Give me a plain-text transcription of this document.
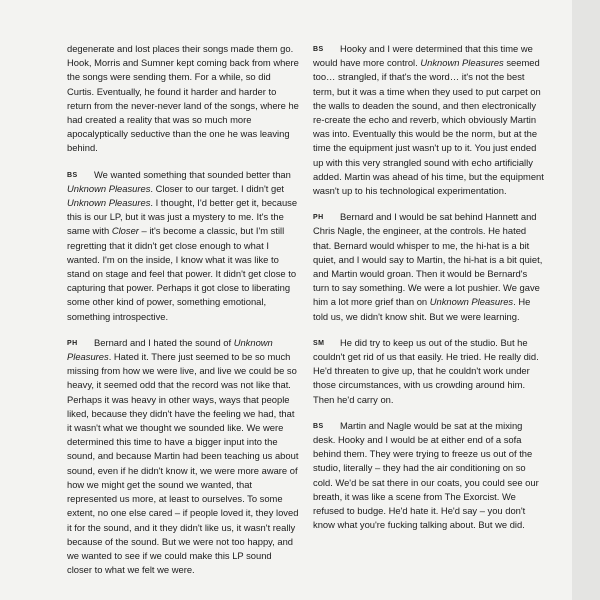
degenerate and lost places their songs made them go. Hook, Morris and Sumner kept coming back from where the songs were sending them. For a while, so did Curtis. Eventually, he found it harder and harder to return from the never-never land of the songs, where he had created a reality that was so much more apocalyptically seductive than the one he was leaving behind.
BS	We wanted something that sounded better than Unknown Pleasures. Closer to our target. I didn't get Unknown Pleasures. I thought, I'd better get it, because this is our LP, but it was just a mystery to me. It's the same with Closer – it's become a classic, but I'm still regretting that it didn't get close enough to what I wanted. I'm on the inside, I know what it was like to stand on stage and feel that power. It didn't get close to capturing that power. Perhaps it got close to liberating some other kind of power, something emotional, something introspective.
PH	Bernard and I hated the sound of Unknown Pleasures. Hated it. There just seemed to be so much missing from how we were live, and live we could be so heavy, it seemed odd that the record was not like that. Perhaps it was heavy in other ways, ways that people liked, because they didn't have the feeling we had, that it wasn't what we thought we sounded like. We were determined this time to have a bigger input into the sound, and because Martin had been teaching us about sound, even if he didn't know it, we were more aware of how we might get the sound we wanted, that represented us more, at least to ourselves. To some extent, no one else cared – if people loved it, they loved it for the sound, and it they didn't like us, it wasn't really because of the sound. But we were not too happy, and we wanted to see if we could make this LP sound closer to what we felt we were.
BS	Hooky and I were determined that this time we would have more control. Unknown Pleasures seemed too… strangled, if that's the word… it's not the best term, but it was a time when they used to put carpet on the walls to deaden the sound, and then electronically re-create the echo and reverb, which obviously Martin was into. Eventually this would be the norm, but at the time the equipment just wasn't up to it. You just ended up with this very strangled sound with echo artificially added. Martin was ahead of his time, but the equipment wasn't up to his technological experimentation.
PH	Bernard and I would be sat behind Hannett and Chris Nagle, the engineer, at the controls. He hated that. Bernard would whisper to me, the hi-hat is a bit quiet, and I would say to Martin, the hi-hat is a bit quiet, and Martin would groan. Then it would be Bernard's turn to say something. We were a lot pushier. We gave him a lot more grief than on Unknown Pleasures. He told us, we didn't know shit. But we were learning.
SM	He did try to keep us out of the studio. But he couldn't get rid of us that easily. He tried. He really did. He'd threaten to give up, that he couldn't work under those circumstances, with us crowding around him. Then he'd carry on.
BS	Martin and Nagle would be sat at the mixing desk. Hooky and I would be at either end of a sofa behind them. They were trying to freeze us out of the studio, literally – they had the air conditioning on so cold. We'd be sat there in our coats, you could see our breath, it was like a scene from The Exorcist. We refused to budge. He'd hate it. He'd say – you don't know what you're fucking talking about. But we did.
